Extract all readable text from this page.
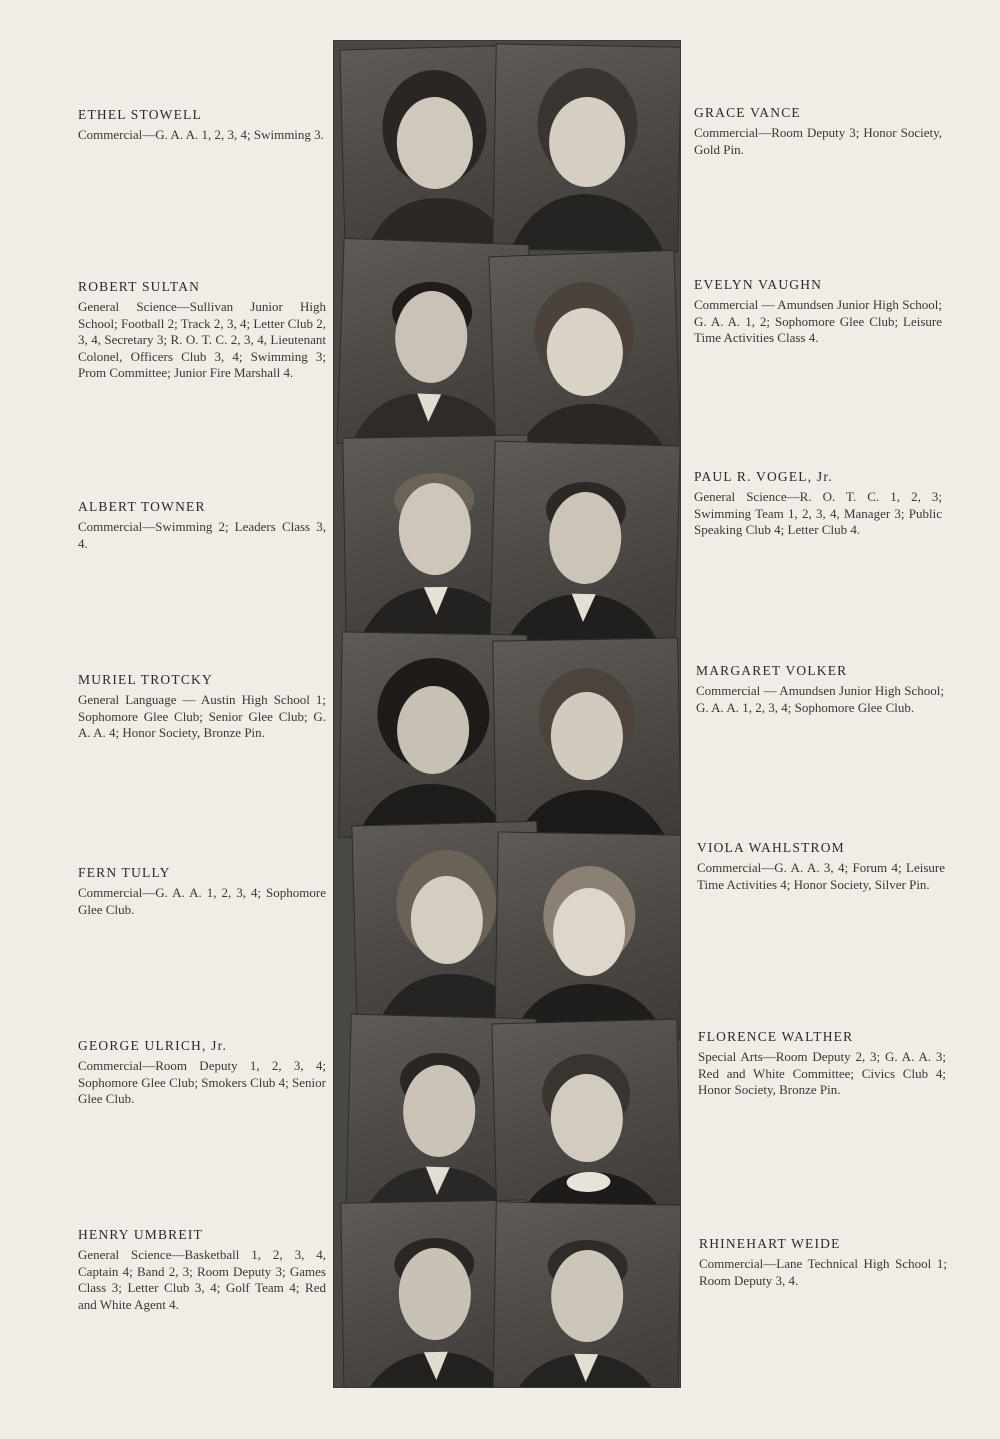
ETHEL STOWELL

Commercial—G. A. A. 1, 2, 3, 4; Swimming 3.

ROBERT SULTAN

General Science—Sullivan Junior High School; Football 2; Track 2, 3, 4; Letter Club 2, 3, 4, Secretary 3; R. O. T. C. 2, 3, 4, Lieutenant Colonel, Officers Club 3, 4; Swimming 3; Prom Committee; Junior Fire Marshall 4.

ALBERT TOWNER

Commercial—Swimming 2; Leaders Class 3, 4.

MURIEL TROTCKY

General Language — Austin High School 1; Sophomore Glee Club; Senior Glee Club; G. A. A. 4; Honor Society, Bronze Pin.

FERN TULLY

Commercial—G. A. A. 1, 2, 3, 4; Sophomore Glee Club.

GEORGE ULRICH, Jr.

Commercial—Room Deputy 1, 2, 3, 4; Sophomore Glee Club; Smokers Club 4; Senior Glee Club.

HENRY UMBREIT

General Science—Basketball 1, 2, 3, 4, Captain 4; Band 2, 3; Room Deputy 3; Games Class 3; Letter Club 3, 4; Golf Team 4; Red and White Agent 4.

GRACE VANCE

Commercial—Room Deputy 3; Honor Society, Gold Pin.

EVELYN VAUGHN

Commercial — Amundsen Junior High School; G. A. A. 1, 2; Sophomore Glee Club; Leisure Time Activities Class 4.

PAUL R. VOGEL, Jr.

General Science—R. O. T. C. 1, 2, 3; Swimming Team 1, 2, 3, 4, Manager 3; Public Speaking Club 4; Letter Club 4.

MARGARET VOLKER

Commercial — Amundsen Junior High School; G. A. A. 1, 2, 3, 4; Sophomore Glee Club.

VIOLA WAHLSTROM

Commercial—G. A. A. 3, 4; Forum 4; Leisure Time Activities 4; Honor Society, Silver Pin.

FLORENCE WALTHER

Special Arts—Room Deputy 2, 3; G. A. A. 3; Red and White Committee; Civics Club 4; Honor Society, Bronze Pin.

RHINEHART WEIDE

Commercial—Lane Technical High School 1; Room Deputy 3, 4.
